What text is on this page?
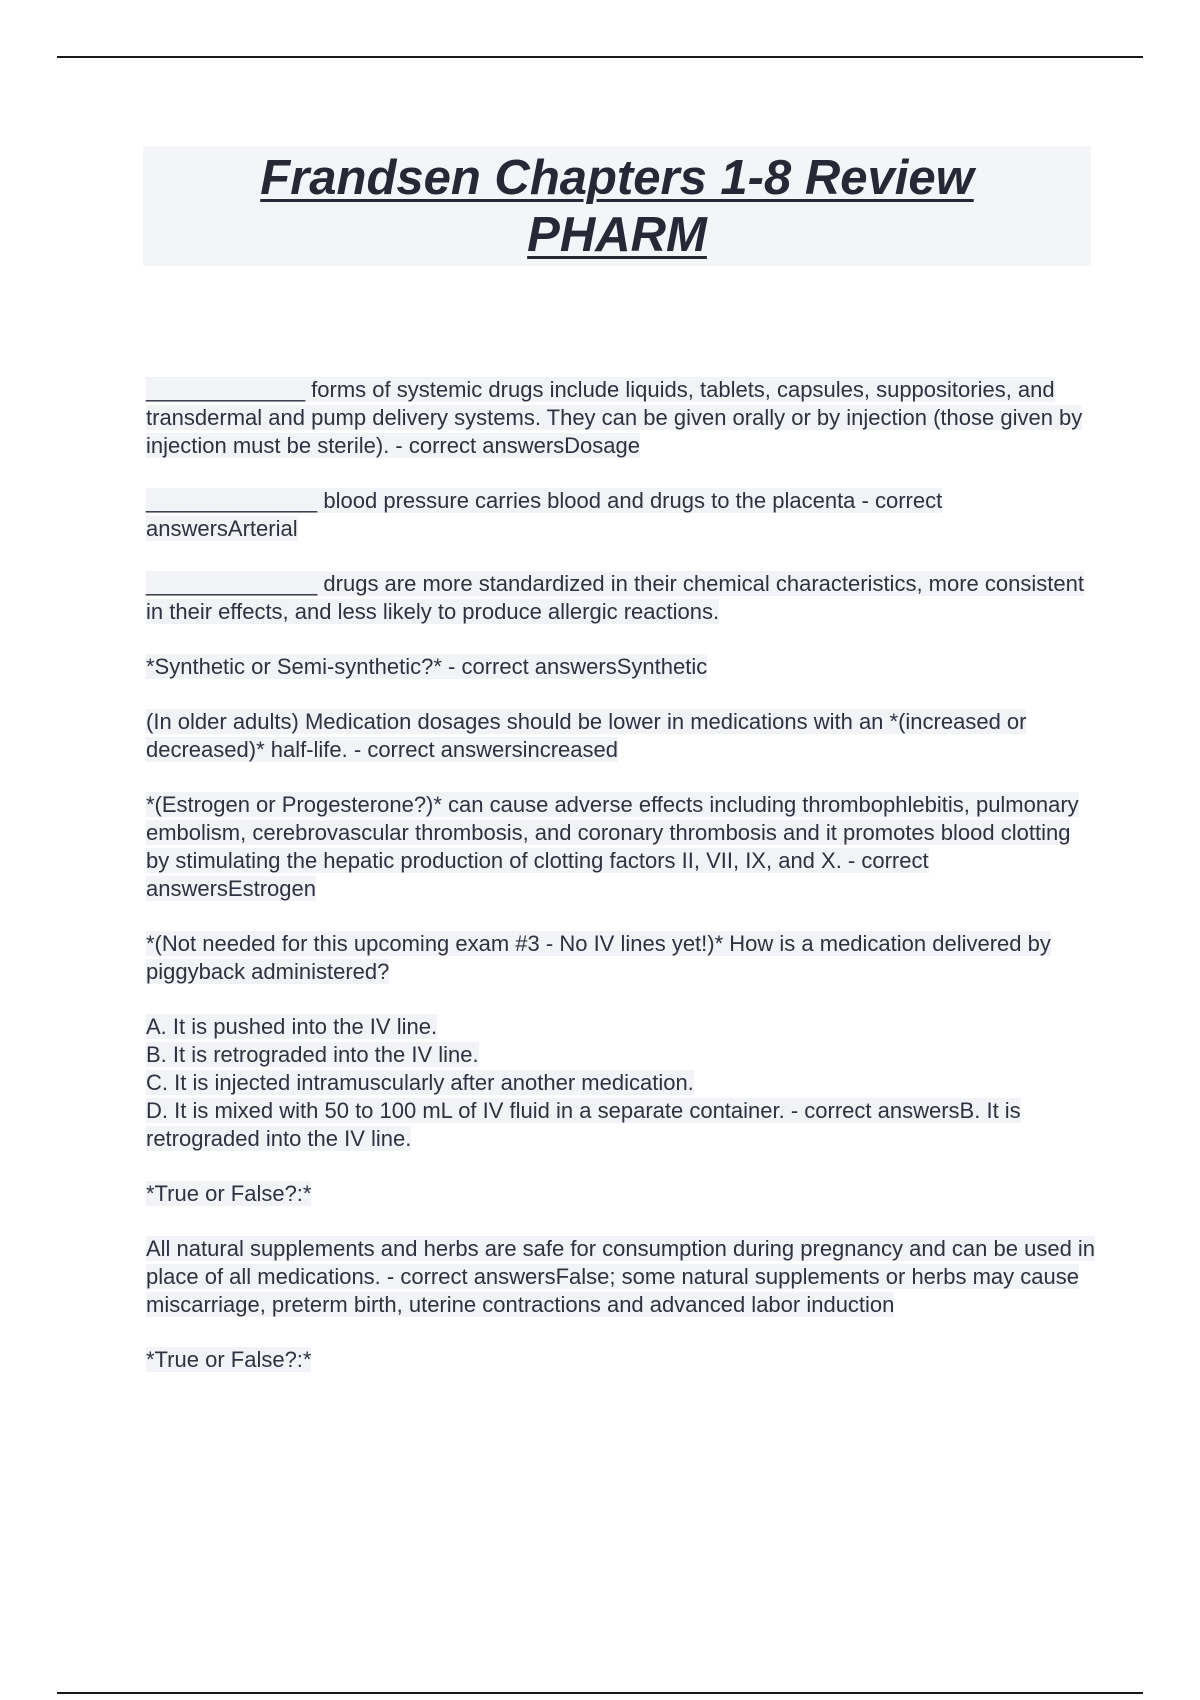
Frandsen Chapters 1-8 Review
PHARM

_____________ forms of systemic drugs include liquids, tablets, capsules, suppositories, and transdermal and pump delivery systems. They can be given orally or by injection (those given by injection must be sterile). - correct answersDosage

______________ blood pressure carries blood and drugs to the placenta - correct answersArterial

______________ drugs are more standardized in their chemical characteristics, more consistent in their effects, and less likely to produce allergic reactions.

*Synthetic or Semi-synthetic?* - correct answersSynthetic

(In older adults) Medication dosages should be lower in medications with an *(increased or decreased)* half-life. - correct answersincreased

*(Estrogen or Progesterone?)* can cause adverse effects including thrombophlebitis, pulmonary embolism, cerebrovascular thrombosis, and coronary thrombosis and it promotes blood clotting by stimulating the hepatic production of clotting factors II, VII, IX, and X. - correct answersEstrogen

*(Not needed for this upcoming exam #3 - No IV lines yet!)* How is a medication delivered by piggyback administered?

A. It is pushed into the IV line.
B. It is retrograded into the IV line.
C. It is injected intramuscularly after another medication.
D. It is mixed with 50 to 100 mL of IV fluid in a separate container. - correct answersB. It is retrograded into the IV line.

*True or False?:*

All natural supplements and herbs are safe for consumption during pregnancy and can be used in place of all medications. - correct answersFalse; some natural supplements or herbs may cause miscarriage, preterm birth, uterine contractions and advanced labor induction

*True or False?:*
